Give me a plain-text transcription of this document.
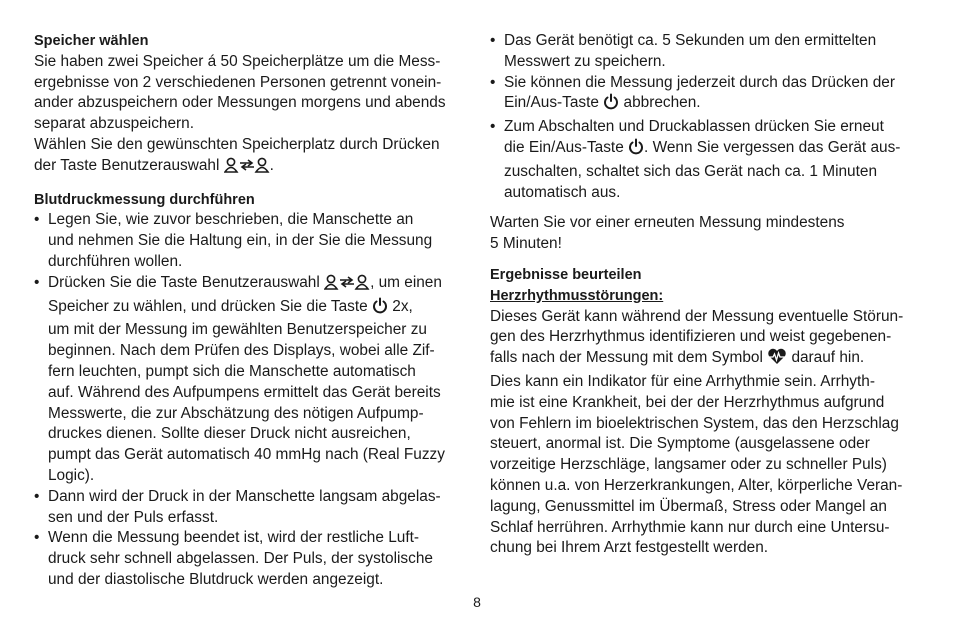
Speicher wählen

Sie haben zwei Speicher á 50 Speicherplätze um die Mess-
ergebnisse von 2 verschiedenen Personen getrennt vonein-
ander abzuspeichern oder Messungen morgens und abends
separat abzuspeichern.
Wählen Sie den gewünschten Speicherplatz durch Drücken
der Taste Benutzerauswahl	.

Blutdruckmessung durchführen

• Legen Sie, wie zuvor beschrieben, die Manschette an
und nehmen Sie die Haltung ein, in der Sie die Messung
durchführen wollen.
• Drücken Sie die Taste Benutzerauswahl	, um einen
Speicher zu wählen, und drücken Sie die Taste 2x,
um mit der Messung im gewählten Benutzerspeicher zu
beginnen. Nach dem Prüfen des Displays, wobei alle Zif-
fern leuchten, pumpt sich die Manschette automatisch
auf. Während des Aufpumpens ermittelt das Gerät bereits
Messwerte, die zur Abschätzung des nötigen Aufpump-
druckes dienen. Sollte dieser Druck nicht ausreichen,
pumpt das Gerät automatisch 40 mmHg nach (Real Fuzzy
Logic).
• Dann wird der Druck in der Manschette langsam abgelas-
sen und der Puls erfasst.
• Wenn die Messung beendet ist, wird der restliche Luft-
druck sehr schnell abgelassen. Der Puls, der systolische
und der diastolische Blutdruck werden angezeigt.
• Das Gerät benötigt ca. 5 Sekunden um den ermittelten
Messwert zu speichern.
• Sie können die Messung jederzeit durch das Drücken der
Ein/Aus-Taste abbrechen.
• Zum Abschalten und Druckablassen drücken Sie erneut
die Ein/Aus-Taste . Wenn Sie vergessen das Gerät aus-
zuschalten, schaltet sich das Gerät nach ca. 1 Minuten
automatisch aus.

Warten Sie vor einer erneuten Messung mindestens
5 Minuten!

Ergebnisse beurteilen

Herzrhythmusstörungen:

Dieses Gerät kann während der Messung eventuelle Störun-
gen des Herzrhythmus identifizieren und weist gegebenen-
falls nach der Messung mit dem Symbol darauf hin.
Dies kann ein Indikator für eine Arrhythmie sein. Arrhyth-
mie ist eine Krankheit, bei der der Herzrhythmus aufgrund
von Fehlern im bioelektrischen System, das den Herzschlag
steuert, anormal ist. Die Symptome (ausgelassene oder
vorzeitige Herzschläge, langsamer oder zu schneller Puls)
können u.a. von Herzerkrankungen, Alter, körperliche Veran-
lagung, Genussmittel im Übermaß, Stress oder Mangel an
Schlaf herrühren. Arrhythmie kann nur durch eine Untersu-
chung bei Ihrem Arzt festgestellt werden.

8
